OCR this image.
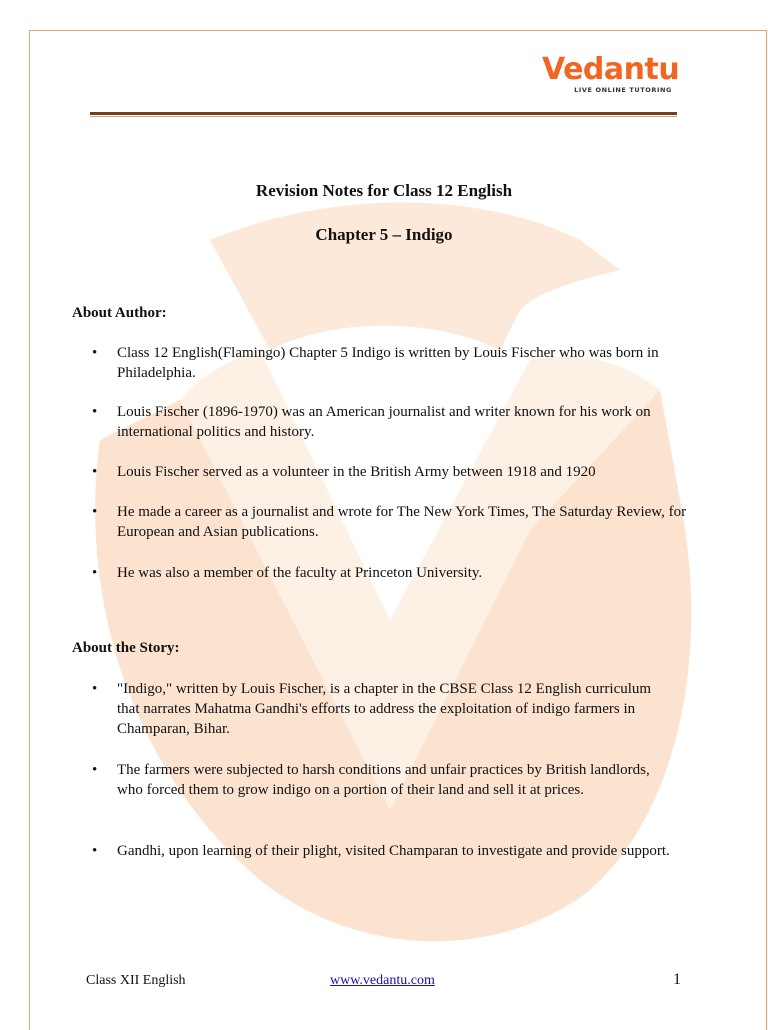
Vedantu
LIVE ONLINE TUTORING
Revision Notes for Class 12 English
Chapter 5 – Indigo
About Author:
• Class 12 English(Flamingo) Chapter 5 Indigo is written by Louis Fischer who was born in Philadelphia.
• Louis Fischer (1896-1970) was an American journalist and writer known for his work on international politics and history.
• Louis Fischer served as a volunteer in the British Army between 1918 and 1920
• He made a career as a journalist and wrote for The New York Times, The Saturday Review, for European and Asian publications.
• He was also a member of the faculty at Princeton University.
About the Story:
• "Indigo," written by Louis Fischer, is a chapter in the CBSE Class 12 English curriculum that narrates Mahatma Gandhi's efforts to address the exploitation of indigo farmers in Champaran, Bihar.
• The farmers were subjected to harsh conditions and unfair practices by British landlords, who forced them to grow indigo on a portion of their land and sell it at prices.
• Gandhi, upon learning of their plight, visited Champaran to investigate and provide support.
Class XII English	www.vedantu.com	1
